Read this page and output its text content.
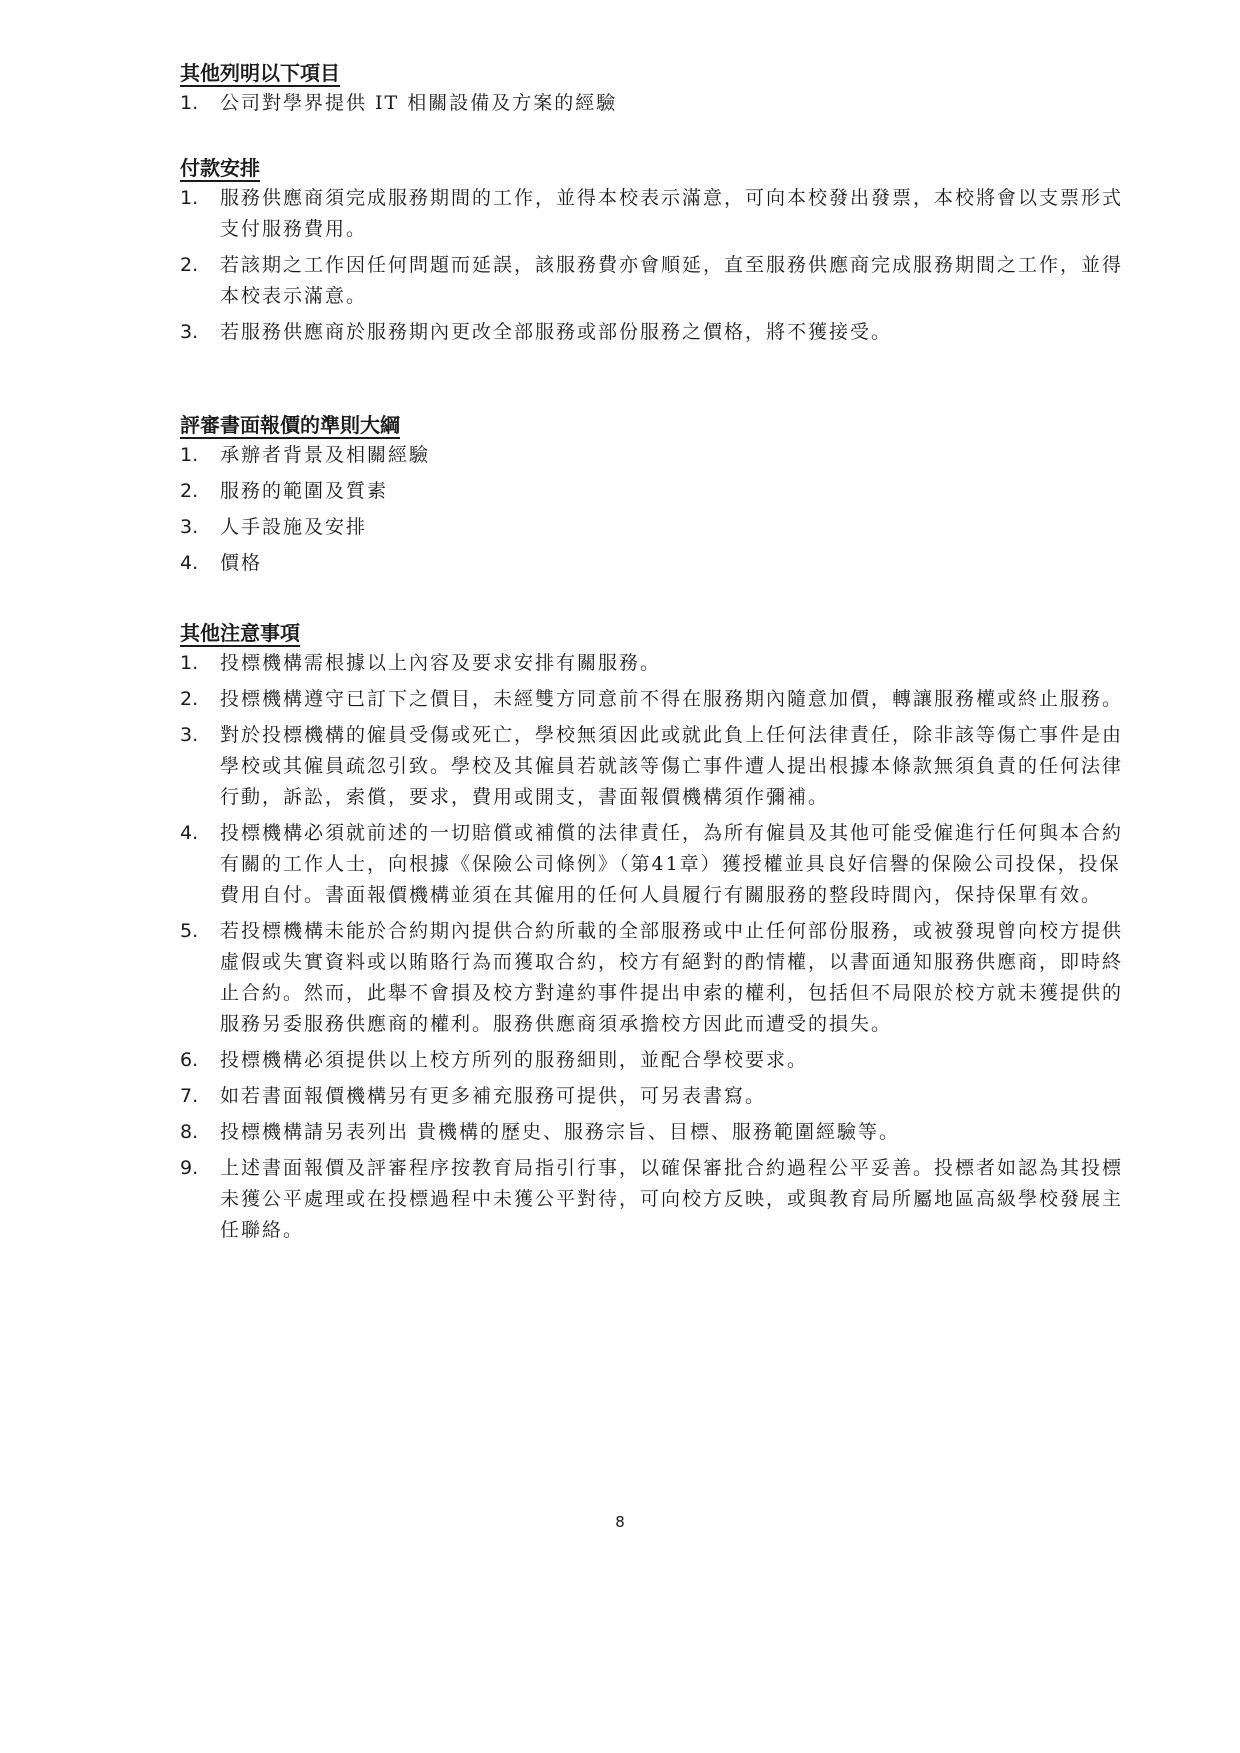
其他列明以下項目
1. 公司對學界提供 IT 相關設備及方案的經驗
付款安排
1. 服務供應商須完成服務期間的工作，並得本校表示滿意，可向本校發出發票，本校將會以支票形式支付服務費用。
2. 若該期之工作因任何問題而延誤，該服務費亦會順延，直至服務供應商完成服務期間之工作，並得本校表示滿意。
3. 若服務供應商於服務期內更改全部服務或部份服務之價格，將不獲接受。
評審書面報價的準則大綱
1. 承辦者背景及相關經驗
2. 服務的範圍及質素
3. 人手設施及安排
4. 價格
其他注意事項
1. 投標機構需根據以上內容及要求安排有關服務。
2. 投標機構遵守已訂下之價目，未經雙方同意前不得在服務期內隨意加價，轉讓服務權或終止服務。
3. 對於投標機構的僱員受傷或死亡，學校無須因此或就此負上任何法律責任，除非該等傷亡事件是由學校或其僱員疏忽引致。學校及其僱員若就該等傷亡事件遭人提出根據本條款無須負責的任何法律行動，訴訟，索償，要求，費用或開支，書面報價機構須作彌補。
4. 投標機構必須就前述的一切賠償或補償的法律責任，為所有僱員及其他可能受僱進行任何與本合約有關的工作人士，向根據《保險公司條例》（第41章）獲授權並具良好信譽的保險公司投保，投保費用自付。書面報價機構並須在其僱用的任何人員履行有關服務的整段時間內，保持保單有效。
5. 若投標機構未能於合約期內提供合約所載的全部服務或中止任何部份服務，或被發現曾向校方提供虛假或失實資料或以賄賂行為而獲取合約，校方有絕對的酌情權，以書面通知服務供應商，即時終止合約。然而，此舉不會損及校方對違約事件提出申索的權利，包括但不局限於校方就未獲提供的服務另委服務供應商的權利。服務供應商須承擔校方因此而遭受的損失。
6. 投標機構必須提供以上校方所列的服務細則，並配合學校要求。
7. 如若書面報價機構另有更多補充服務可提供，可另表書寫。
8. 投標機構請另表列出 貴機構的歷史、服務宗旨、目標、服務範圍經驗等。
9. 上述書面報價及評審程序按教育局指引行事，以確保審批合約過程公平妥善。投標者如認為其投標未獲公平處理或在投標過程中未獲公平對待，可向校方反映，或與教育局所屬地區高級學校發展主任聯絡。
8
